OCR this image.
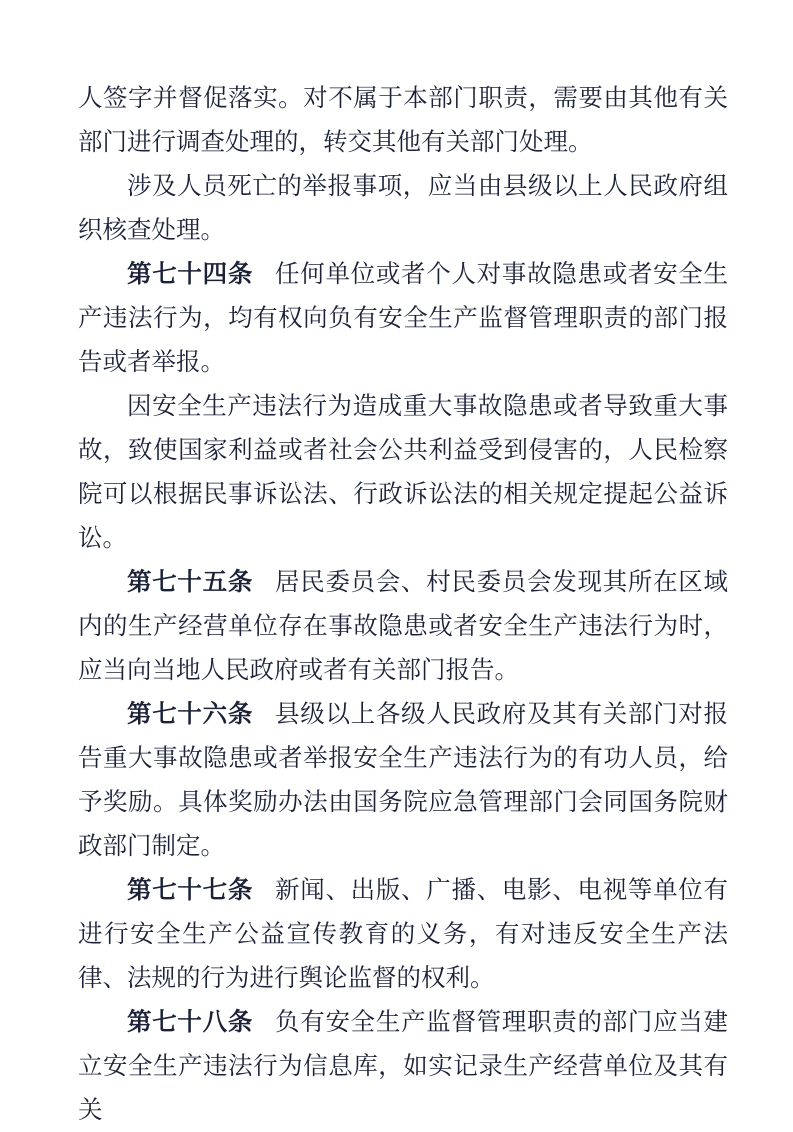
人签字并督促落实。对不属于本部门职责，需要由其他有关部门进行调查处理的，转交其他有关部门处理。

涉及人员死亡的举报事项，应当由县级以上人民政府组织核查处理。

第七十四条 任何单位或者个人对事故隐患或者安全生产违法行为，均有权向负有安全生产监督管理职责的部门报告或者举报。

因安全生产违法行为造成重大事故隐患或者导致重大事故，致使国家利益或者社会公共利益受到侵害的，人民检察院可以根据民事诉讼法、行政诉讼法的相关规定提起公益诉讼。

第七十五条 居民委员会、村民委员会发现其所在区域内的生产经营单位存在事故隐患或者安全生产违法行为时，应当向当地人民政府或者有关部门报告。

第七十六条 县级以上各级人民政府及其有关部门对报告重大事故隐患或者举报安全生产违法行为的有功人员，给予奖励。具体奖励办法由国务院应急管理部门会同国务院财政部门制定。

第七十七条 新闻、出版、广播、电影、电视等单位有进行安全生产公益宣传教育的义务，有对违反安全生产法律、法规的行为进行舆论监督的权利。

第七十八条 负有安全生产监督管理职责的部门应当建立安全生产违法行为信息库，如实记录生产经营单位及其有关
